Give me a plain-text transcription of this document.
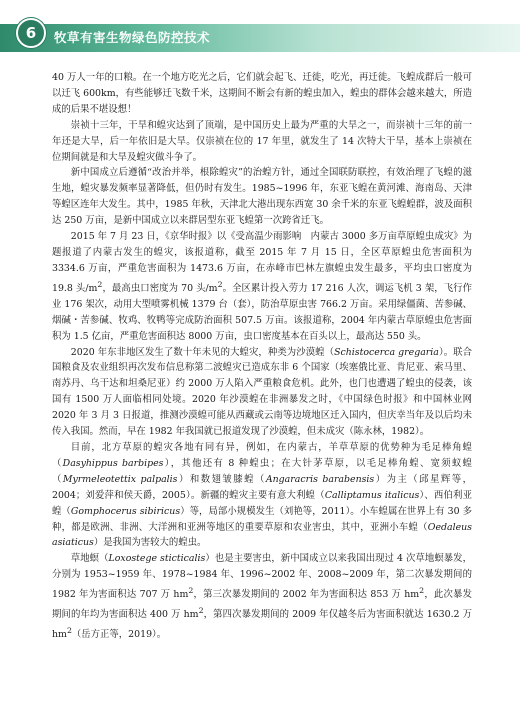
6	牧草有害生物绿色防控技术

40 万人一年的口粮。在一个地方吃光之后，它们就会起飞、迁徙，吃光，再迁徙。飞蝗成群后一般可以迁飞 600km，有些能够迁飞数千米，这期间不断会有新的蝗虫加入，蝗虫的群体会越来越大，所造成的后果不堪设想！

崇祯十三年，干旱和蝗灾达到了顶端，是中国历史上最为严重的大旱之一，而崇祯十三年的前一年还是大旱，后一年依旧是大旱。仅崇祯在位的 17 年里，就发生了 14 次特大干旱，基本上崇祯在位期间就是和大旱及蝗灾做斗争了。

新中国成立后遵循“改治并举，根除蝗灾”的治蝗方针，通过全国联防联控，有效治理了飞蝗的滋生地，蝗灾暴发频率显著降低，但仍时有发生。1985~1996 年，东亚飞蝗在黄河滩、海南岛、天津等蝗区连年大发生。其中，1985 年秋，天津北大港出现东西宽 30 余千米的东亚飞蝗蝗群，波及面积达 250 万亩，是新中国成立以来群居型东亚飞蝗第一次跨省迁飞。

2015 年 7 月 23 日，《京华时报》以《受高温少雨影响　内蒙古 3000 多万亩草原蝗虫成灾》为题报道了内蒙古发生的蝗灾，该报道称，截至 2015 年 7 月 15 日，全区草原蝗虫危害面积为 3334.6 万亩，严重危害面积为 1473.6 万亩，在赤峰市巴林左旗蝗虫发生最多，平均虫口密度为 19.8 头$/m^2$，最高虫口密度为 70 头$/m^2$。全区累计投入劳力 17 216 人次，调运飞机 3 架，飞行作业 176 架次，动用大型喷雾机械 1379 台（套），防治草原虫害 766.2 万亩。采用绿僵菌、苦参碱、烟碱・苦参碱、牧鸡、牧鸭等完成防治面积 507.5 万亩。该报道称，2004 年内蒙古草原蝗虫危害面积为 1.5 亿亩，严重危害面积达 8000 万亩，虫口密度基本在百头以上，最高达 550 头。

2020 年东非地区发生了数十年未见的大蝗灾，种类为沙漠蝗（Schistocerca gregaria）。联合国粮食及农业组织再次发布信息称第二波蝗灾已造成东非 6 个国家（埃塞俄比亚、肯尼亚、索马里、南苏丹、乌干达和坦桑尼亚）约 2000 万人陷入严重粮食危机。此外，也门也遭遇了蝗虫的侵袭，该国有 1500 万人面临相同处境。2020 年沙漠蝗在非洲暴发之时，《中国绿色时报》和中国林业网 2020 年 3 月 3 日报道，推测沙漠蝗可能从西藏或云南等边境地区迁入国内，但庆幸当年及以后均未传入我国。然而，早在 1982 年我国就已报道发现了沙漠蝗，但未成灾（陈永林，1982）。

目前，北方草原的蝗灾各地有同有异，例如，在内蒙古，羊草草原的优势种为毛足棒角蝗（Dasyhippus barbipes），其他还有 8 种蝗虫；在大针茅草原，以毛足棒角蝗、宽须蚁蝗（Myrmeleotettix palpalis）和数翅皱膝蝗（Angaracris barabensis）为主（邱星辉等，2004；刘爱萍和侯天爵，2005）。新疆的蝗灾主要有意大利蝗（Calliptamus italicus）、西伯利亚蝗（Gomphocerus sibiricus）等，局部小规模发生（刘艳等，2011）。小车蝗属在世界上有 30 多种，都是欧洲、非洲、大洋洲和亚洲等地区的重要草原和农业害虫，其中，亚洲小车蝗（Oedaleus asiaticus）是我国为害较大的蝗虫。

草地螟（Loxostege sticticalis）也是主要害虫，新中国成立以来我国出现过 4 次草地螟暴发，分别为 1953~1959 年、1978~1984 年、1996~2002 年、2008~2009 年，第二次暴发期间的 1982 年为害面积达 707 万 $hm^2$，第三次暴发期间的 2002 年为害面积达 853 万 $hm^2$，此次暴发期间的年均为害面积达 400 万 $hm^2$，第四次暴发期间的 2009 年仅越冬后为害面积就达 1630.2 万 $hm^2$（岳方正等，2019）。
